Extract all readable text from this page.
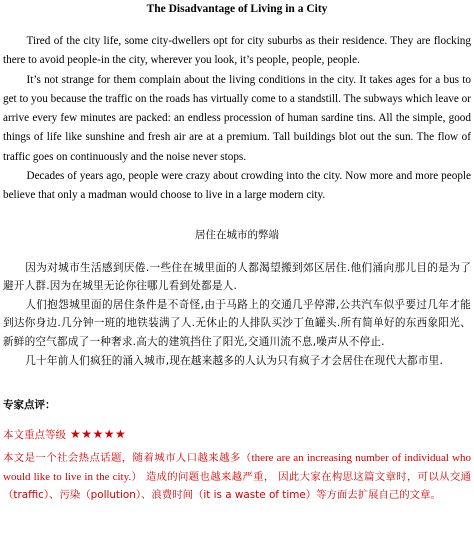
The Disadvantage of Living in a City

Tired of the city life, some city-dwellers opt for city suburbs as their residence. They are flocking there to avoid people-in the city, wherever you look, it’s people, people, people.

It’s not strange for them complain about the living conditions in the city. It takes ages for a bus to get to you because the traffic on the roads has virtually come to a standstill. The subways which leave or arrive every few minutes are packed: an endless procession of human sardine tins. All the simple, good things of life like sunshine and fresh air are at a premium. Tall buildings blot out the sun. The flow of traffic goes on continuously and the noise never stops.

Decades of years ago, people were crazy about crowding into the city. Now more and more people believe that only a madman would choose to live in a large modern city.

居住在城市的弊端

因为对城市生活感到厌倦.一些住在城里面的人都渴望搬到郊区居住.他们涌向那儿目的是为了避开人群.因为在城里无论你往哪儿看到处都是人.

人们抱怨城里面的居住条件是不奇怪,由于马路上的交通几乎停滞,公共汽车似乎要过几年才能到达你身边.几分钟一班的地铁装满了人.无休止的人排队买沙丁鱼罐头.所有简单好的东西象阳光、新鲜的空气都成了一种奢求.高大的建筑挡住了阳光,交通川流不息,噪声从不停止.

几十年前人们疯狂的涌入城市,现在越来越多的人认为只有疯子才会居住在现代大都市里.

专家点评：
本文重点等级 ★★★★★

本文是一个社会热点话题，随着城市人口越来越多（there are an increasing number of individual who would like to live in the city.） 造成的问题也越来越严重， 因此大家在构思这篇文章时，可以从交通（traffic）、污染（pollution）、浪费时间（it is a waste of time）等方面去扩展自己的文章。
